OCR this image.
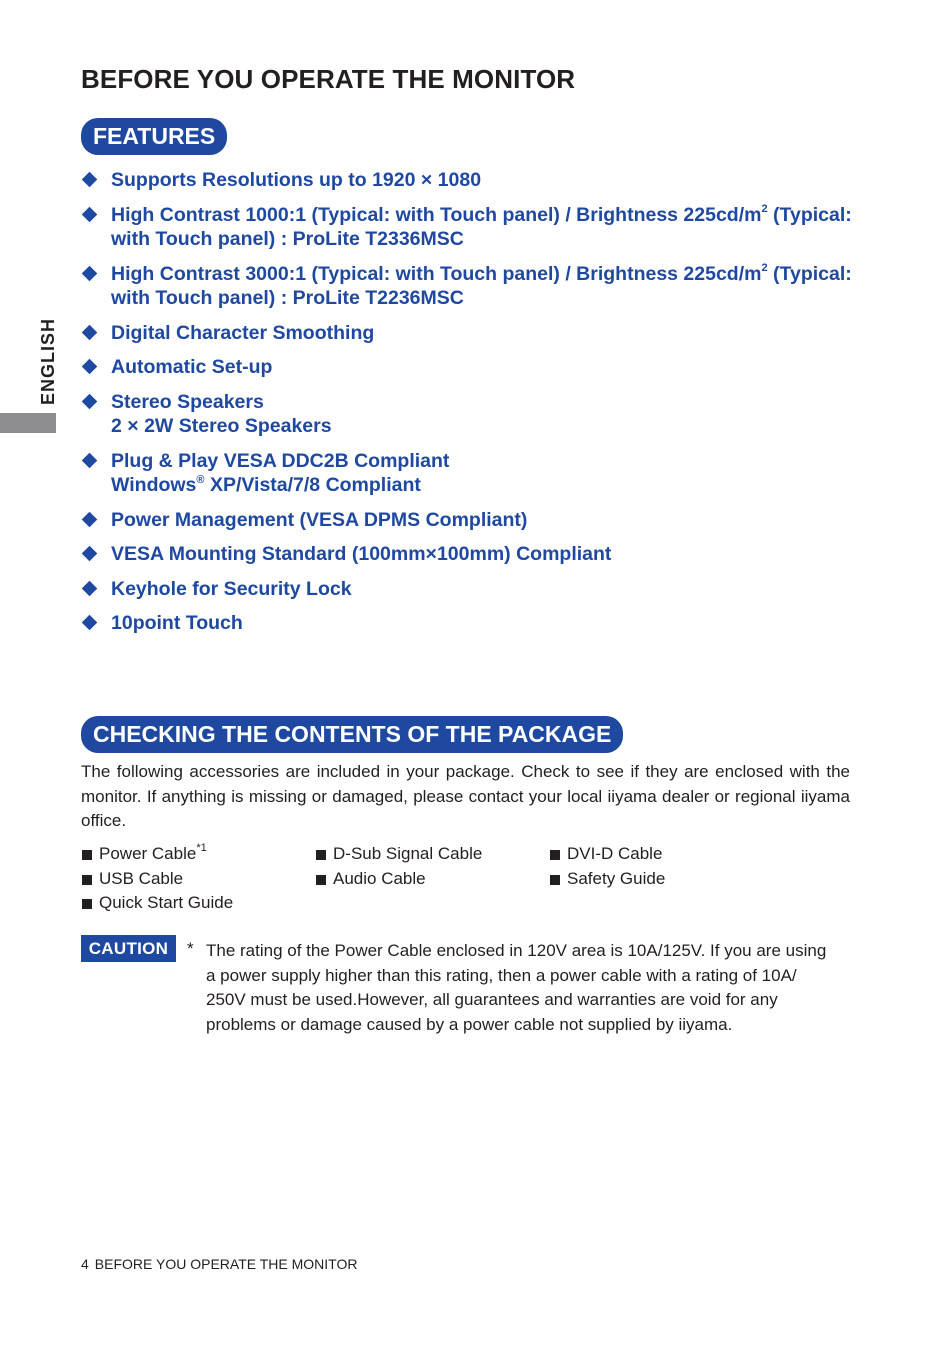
BEFORE YOU OPERATE THE MONITOR
ENGLISH
FEATURES
Supports Resolutions up to 1920 × 1080
High Contrast 1000:1 (Typical: with Touch panel) / Brightness $225cd/m^2$ (Typical:
with Touch panel) : ProLite T2336MSC
High Contrast 3000:1 (Typical: with Touch panel) / Brightness $225cd/m^2$ (Typical:
with Touch panel) : ProLite T2236MSC
Digital Character Smoothing
Automatic Set-up
Stereo Speakers
2 × 2W Stereo Speakers
Plug & Play VESA DDC2B Compliant
Windows® XP/Vista/7/8 Compliant
Power Management (VESA DPMS Compliant)
VESA Mounting Standard (100mm×100mm) Compliant
Keyhole for Security Lock
10point Touch
CHECKING THE CONTENTS OF THE PACKAGE

The following accessories are included in your package. Check to see if they are enclosed with the monitor. If anything is missing or damaged, please contact your local iiyama dealer or regional iiyama office.

Power Cable$^{*1}$	D-Sub Signal Cable	DVI-D Cable
USB Cable	Audio Cable	Safety Guide
Quick Start Guide
CAUTION	* The rating of the Power Cable enclosed in 120V area is 10A/125V. If you are using
a power supply higher than this rating, then a power cable with a rating of 10A/
250V must be used.However, all guarantees and warranties are void for any
problems or damage caused by a power cable not supplied by iiyama.

4 BEFORE YOU OPERATE THE MONITOR
